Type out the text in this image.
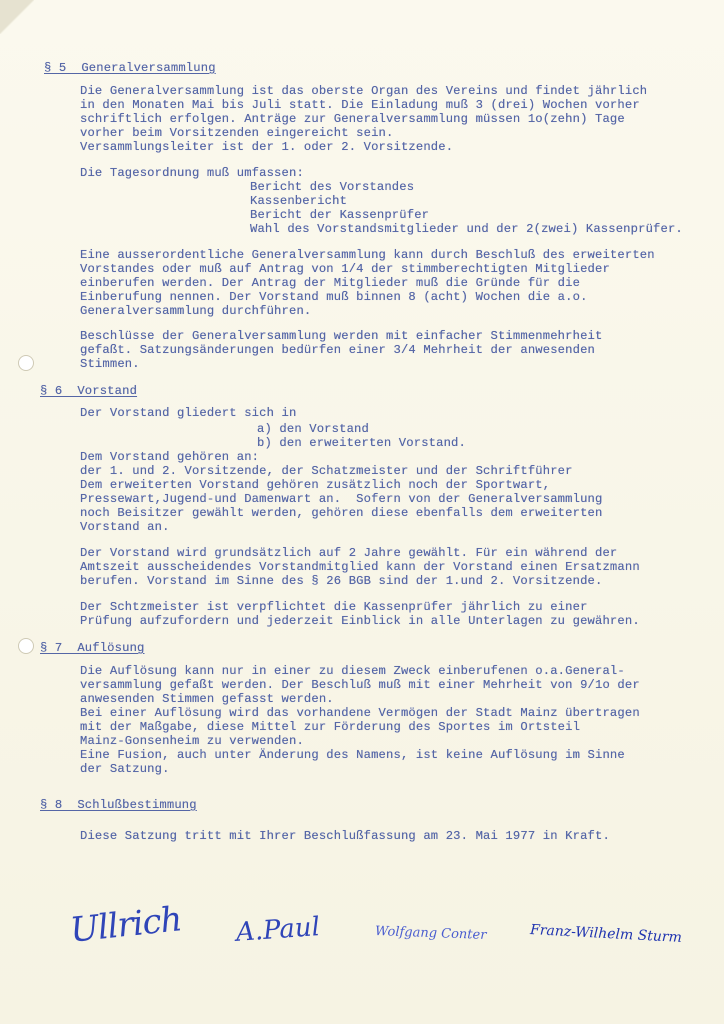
§ 5  Generalversammlung
Die Generalversammlung ist das oberste Organ des Vereins und findet jährlich
in den Monaten Mai bis Juli statt. Die Einladung muß 3 (drei) Wochen vorher
schriftlich erfolgen. Anträge zur Generalversammlung müssen 1o(zehn) Tage
vorher beim Vorsitzenden eingereicht sein.
Versammlungsleiter ist der 1. oder 2. Vorsitzende.
Die Tagesordnung muß umfassen:
Bericht des Vorstandes
Kassenbericht
Bericht der Kassenprüfer
Wahl des Vorstandsmitglieder und der 2(zwei) Kassenprüfer.
Eine ausserordentliche Generalversammlung kann durch Beschluß des erweiterten
Vorstandes oder muß auf Antrag von 1/4 der stimmberechtigten Mitglieder
einberufen werden. Der Antrag der Mitglieder muß die Gründe für die
Einberufung nennen. Der Vorstand muß binnen 8 (acht) Wochen die a.o.
Generalversammlung durchführen.
Beschlüsse der Generalversammlung werden mit einfacher Stimmenmehrheit
gefaßt. Satzungsänderungen bedürfen einer 3/4 Mehrheit der anwesenden
Stimmen.
§ 6  Vorstand
Der Vorstand gliedert sich in
a) den Vorstand
b) den erweiterten Vorstand.
Dem Vorstand gehören an:
der 1. und 2. Vorsitzende, der Schatzmeister und der Schriftführer
Dem erweiterten Vorstand gehören zusätzlich noch der Sportwart,
Pressewart,Jugend-und Damenwart an.  Sofern von der Generalversammlung
noch Beisitzer gewählt werden, gehören diese ebenfalls dem erweiterten
Vorstand an.
Der Vorstand wird grundsätzlich auf 2 Jahre gewählt. Für ein während der
Amtszeit ausscheidendes Vorstandmitglied kann der Vorstand einen Ersatzmann
berufen. Vorstand im Sinne des § 26 BGB sind der 1.und 2. Vorsitzende.
Der Schtzmeister ist verpflichtet die Kassenprüfer jährlich zu einer
Prüfung aufzufordern und jederzeit Einblick in alle Unterlagen zu gewähren.
§ 7  Auflösung
Die Auflösung kann nur in einer zu diesem Zweck einberufenen o.a.General-
versammlung gefaßt werden. Der Beschluß muß mit einer Mehrheit von 9/1o der
anwesenden Stimmen gefasst werden.
Bei einer Auflösung wird das vorhandene Vermögen der Stadt Mainz übertragen
mit der Maßgabe, diese Mittel zur Förderung des Sportes im Ortsteil
Mainz-Gonsenheim zu verwenden.
Eine Fusion, auch unter Änderung des Namens, ist keine Auflösung im Sinne
der Satzung.
§ 8  Schlußbestimmung
Diese Satzung tritt mit Ihrer Beschlußfassung am 23. Mai 1977 in Kraft.
Ullrich A.Paul	Wolfgang Conter	Franz-Wilhelm Sturm
